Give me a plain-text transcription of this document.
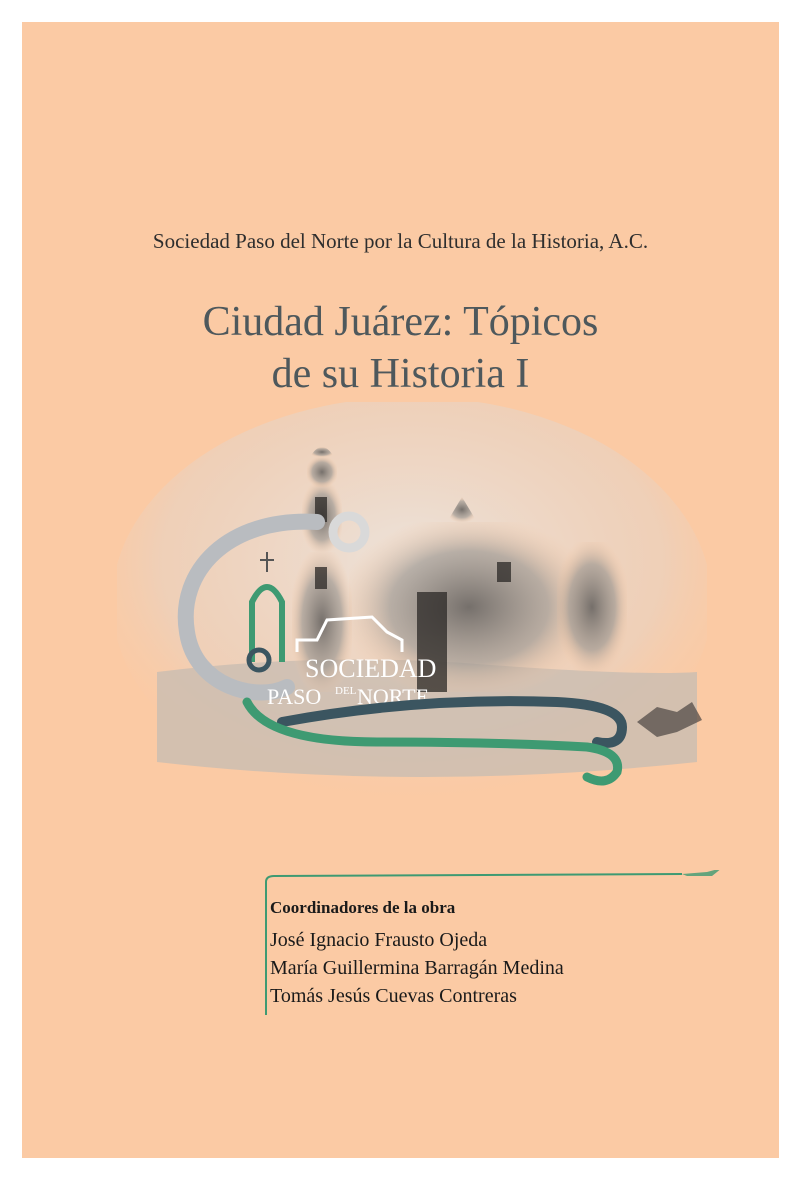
Sociedad Paso del Norte por la Cultura de la Historia, A.C.
Ciudad Juárez: Tópicos
de su Historia I
SOCIEDAD
PASO DEL NORTE
Coordinadores de la obra
José Ignacio Frausto Ojeda
María Guillermina Barragán Medina
Tomás Jesús Cuevas Contreras
